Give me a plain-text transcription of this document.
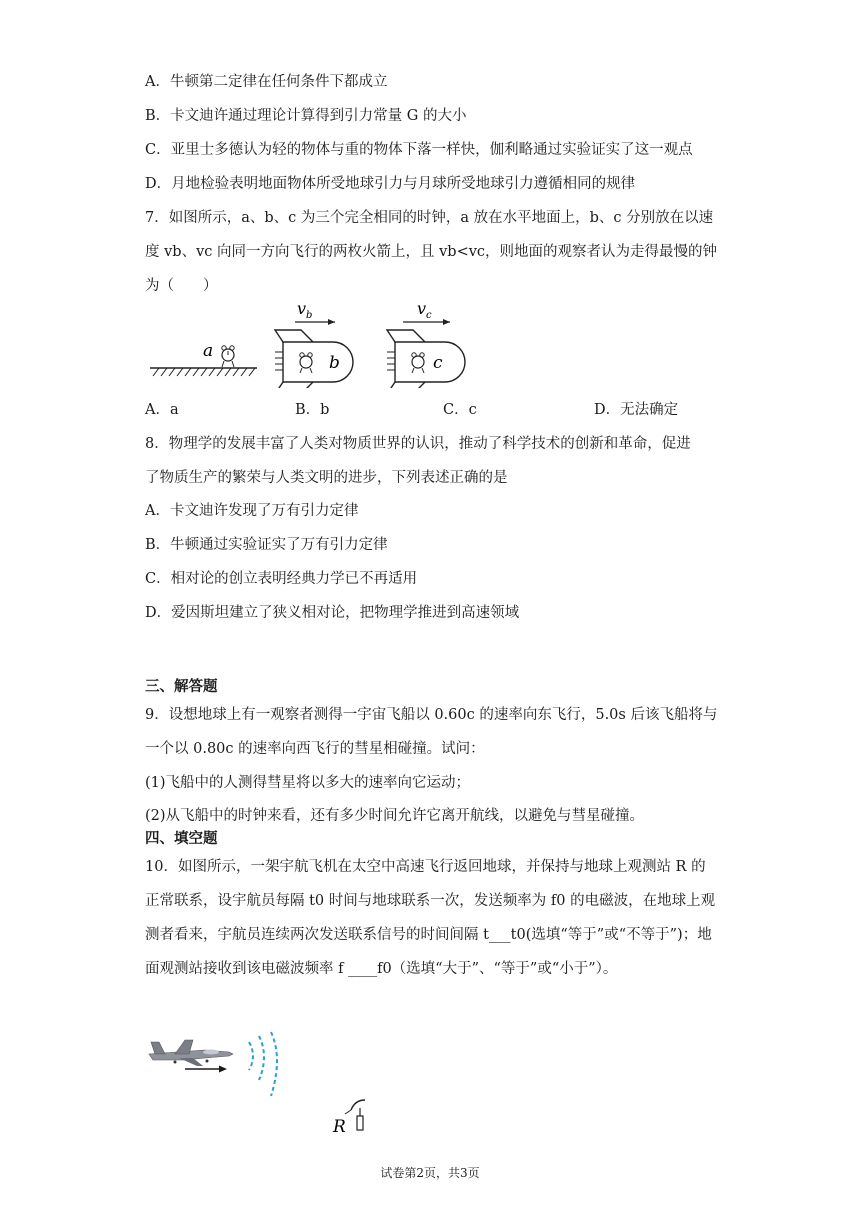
A．牛顿第二定律在任何条件下都成立
B．卡文迪许通过理论计算得到引力常量 G 的大小
C．亚里士多德认为轻的物体与重的物体下落一样快，伽利略通过实验证实了这一观点
D．月地检验表明地面物体所受地球引力与月球所受地球引力遵循相同的规律
7．如图所示，a、b、c 为三个完全相同的时钟，a 放在水平地面上，b、c 分别放在以速
度 vb、vc 向同一方向飞行的两枚火箭上，且 vb<vc，则地面的观察者认为走得最慢的钟
为（　　）
a
b
$v_b$
c
$v_c$
A．a	B．b	C．c	D．无法确定
8．物理学的发展丰富了人类对物质世界的认识，推动了科学技术的创新和革命，促进
了物质生产的繁荣与人类文明的进步，下列表述正确的是
A．卡文迪许发现了万有引力定律
B．牛顿通过实验证实了万有引力定律
C．相对论的创立表明经典力学已不再适用
D．爱因斯坦建立了狭义相对论，把物理学推进到高速领域
三、解答题
9．设想地球上有一观察者测得一宇宙飞船以 0.60c 的速率向东飞行，5.0s 后该飞船将与
一个以 0.80c 的速率向西飞行的彗星相碰撞。试问：
(1)飞船中的人测得彗星将以多大的速率向它运动；
(2)从飞船中的时钟来看，还有多少时间允许它离开航线，以避免与彗星碰撞。
四、填空题
10．如图所示，一架宇航飞机在太空中高速飞行返回地球，并保持与地球上观测站 R 的
正常联系，设宇航员每隔 t0 时间与地球联系一次，发送频率为 f0 的电磁波，在地球上观
测者看来，宇航员连续两次发送联系信号的时间间隔 t___t0(选填“等于”或“不等于”)；地
面观测站接收到该电磁波频率 f ____f0（选填“大于”、“等于”或“小于”）。
R
试卷第2页，共3页
